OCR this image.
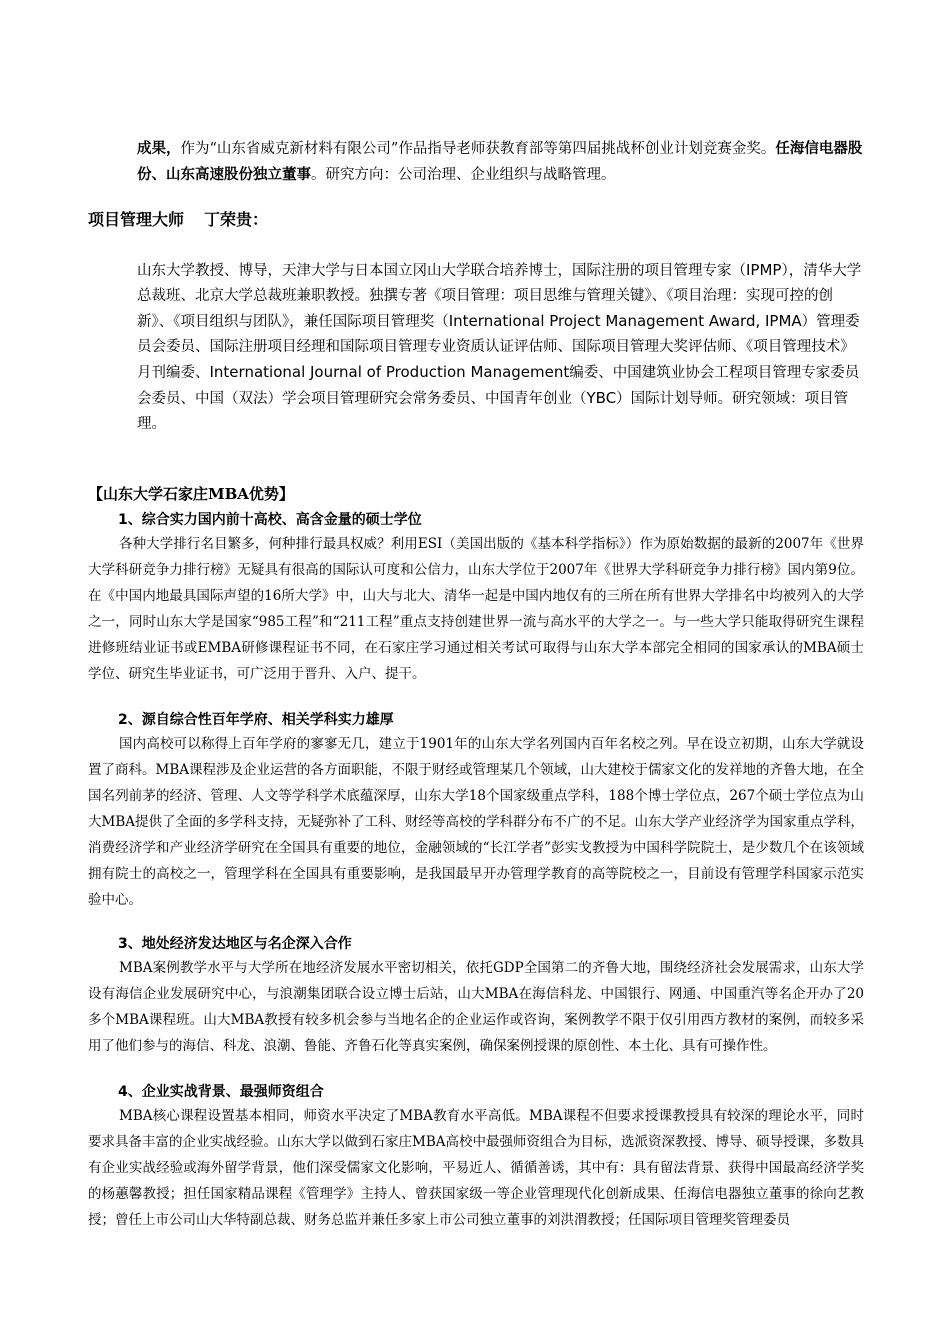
成果，作为“山东省威克新材料有限公司”作品指导老师获教育部等第四届挑战杯创业计划竞赛金奖。任海信电器股份、山东高速股份独立董事。研究方向：公司治理、企业组织与战略管理。

项目管理大师 丁荣贵：

山东大学教授、博导，天津大学与日本国立冈山大学联合培养博士，国际注册的项目管理专家（IPMP），清华大学总裁班、北京大学总裁班兼职教授。独撰专著《项目管理：项目思维与管理关键》、《项目治理：实现可控的创新》、《项目组织与团队》，兼任国际项目管理奖（International Project Management Award, IPMA）管理委员会委员、国际注册项目经理和国际项目管理专业资质认证评估师、国际项目管理大奖评估师、《项目管理技术》月刊编委、International Journal of Production Management编委、中国建筑业协会工程项目管理专家委员会委员、中国（双法）学会项目管理研究会常务委员、中国青年创业（YBC）国际计划导师。研究领域：项目管理。

【山东大学石家庄MBA优势】
1、综合实力国内前十高校、高含金量的硕士学位

各种大学排行名目繁多，何种排行最具权威？利用ESI（美国出版的《基本科学指标》）作为原始数据的最新的2007年《世界大学科研竞争力排行榜》无疑具有很高的国际认可度和公信力，山东大学位于2007年《世界大学科研竞争力排行榜》国内第9位。在《中国内地最具国际声望的16所大学》中，山大与北大、清华一起是中国内地仅有的三所在所有世界大学排名中均被列入的大学之一，同时山东大学是国家“985工程”和“211工程”重点支持创建世界一流与高水平的大学之一。与一些大学只能取得研究生课程进修班结业证书或EMBA研修课程证书不同，在石家庄学习通过相关考试可取得与山东大学本部完全相同的国家承认的MBA硕士学位、研究生毕业证书，可广泛用于晋升、入户、提干。

2、源自综合性百年学府、相关学科实力雄厚

国内高校可以称得上百年学府的寥寥无几，建立于1901年的山东大学名列国内百年名校之列。早在设立初期，山东大学就设置了商科。MBA课程涉及企业运营的各方面职能，不限于财经或管理某几个领域，山大建校于儒家文化的发祥地的齐鲁大地，在全国名列前茅的经济、管理、人文等学科学术底蕴深厚，山东大学18个国家级重点学科，188个博士学位点，267个硕士学位点为山大MBA提供了全面的多学科支持，无疑弥补了工科、财经等高校的学科群分布不广的不足。山东大学产业经济学为国家重点学科，消费经济学和产业经济学研究在全国具有重要的地位，金融领域的“长江学者”彭实戈教授为中国科学院院士，是少数几个在该领域拥有院士的高校之一，管理学科在全国具有重要影响，是我国最早开办管理学教育的高等院校之一，目前设有管理学科国家示范实验中心。

3、地处经济发达地区与名企深入合作

MBA案例教学水平与大学所在地经济发展水平密切相关，依托GDP全国第二的齐鲁大地，围绕经济社会发展需求，山东大学设有海信企业发展研究中心，与浪潮集团联合设立博士后站，山大MBA在海信科龙、中国银行、网通、中国重汽等名企开办了20多个MBA课程班。山大MBA教授有较多机会参与当地名企的企业运作或咨询，案例教学不限于仅引用西方教材的案例，而较多采用了他们参与的海信、科龙、浪潮、鲁能、齐鲁石化等真实案例，确保案例授课的原创性、本土化、具有可操作性。

4、企业实战背景、最强师资组合

MBA核心课程设置基本相同，师资水平决定了MBA教育水平高低。MBA课程不但要求授课教授具有较深的理论水平，同时要求具备丰富的企业实战经验。山东大学以做到石家庄MBA高校中最强师资组合为目标，选派资深教授、博导、硕导授课，多数具有企业实战经验或海外留学背景，他们深受儒家文化影响，平易近人、循循善诱，其中有：具有留法背景、获得中国最高经济学奖的杨蕙馨教授；担任国家精品课程《管理学》主持人、曾获国家级一等企业管理现代化创新成果、任海信电器独立董事的徐向艺教授；曾任上市公司山大华特副总裁、财务总监并兼任多家上市公司独立董事的刘洪渭教授；任国际项目管理奖管理委员
